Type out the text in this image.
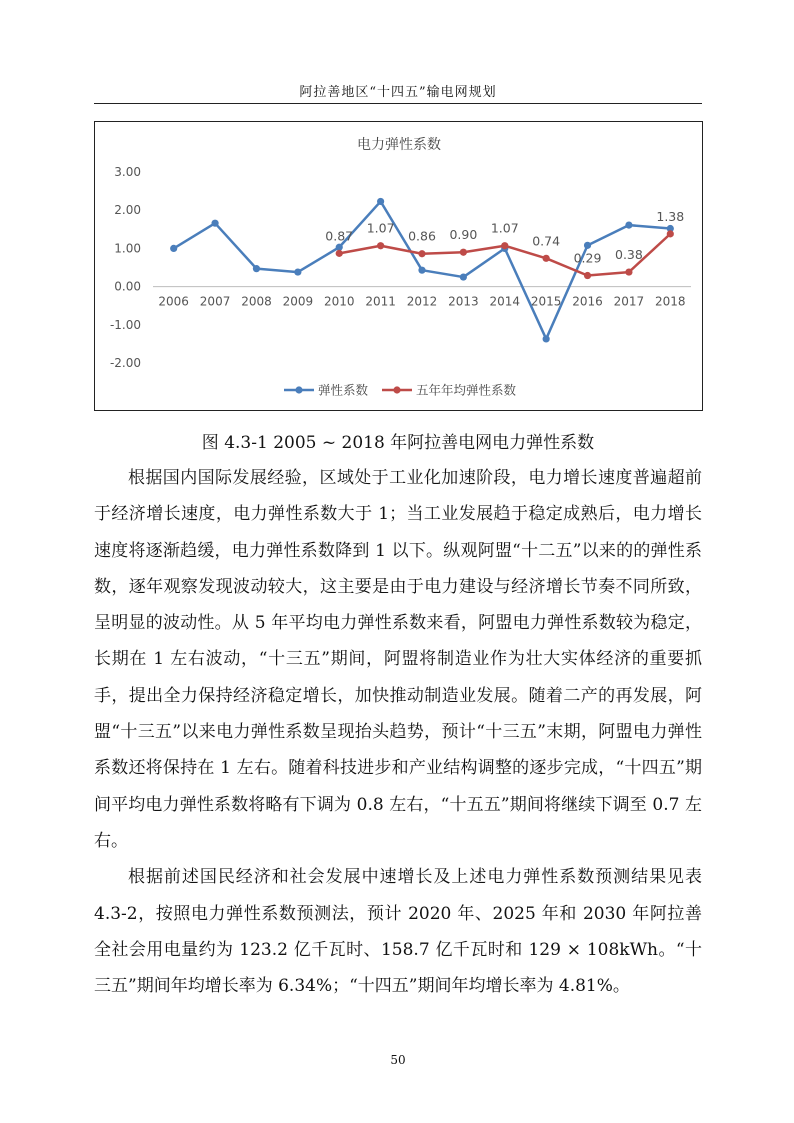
阿拉善地区“十四五”输电网规划
电力弹性系数
3.00
2.00
1.00
0.00
-1.00
-2.00
2006 2007 2008 2009 2010 2011 2012 2013 2014 2015 2016 2017 2018
0.87
1.07
0.86 0.90 1.07
0.74
0.29 0.38
1.38
弹性系数	五年年均弹性系数
图 4.3-1 2005 ~ 2018 年阿拉善电网电力弹性系数

根据国内国际发展经验，区域处于工业化加速阶段，电力增长速度普遍超前于经济增长速度，电力弹性系数大于 1；当工业发展趋于稳定成熟后，电力增长速度将逐渐趋缓，电力弹性系数降到 1 以下。纵观阿盟“十二五”以来的的弹性系数，逐年观察发现波动较大，这主要是由于电力建设与经济增长节奏不同所致，呈明显的波动性。从 5 年平均电力弹性系数来看，阿盟电力弹性系数较为稳定，长期在 1 左右波动，“十三五”期间，阿盟将制造业作为壮大实体经济的重要抓手，提出全力保持经济稳定增长，加快推动制造业发展。随着二产的再发展，阿盟“十三五”以来电力弹性系数呈现抬头趋势，预计“十三五”末期，阿盟电力弹性系数还将保持在 1 左右。随着科技进步和产业结构调整的逐步完成，“十四五”期间平均电力弹性系数将略有下调为 0.8 左右，“十五五”期间将继续下调至 0.7 左右。

根据前述国民经济和社会发展中速增长及上述电力弹性系数预测结果见表 4.3-2，按照电力弹性系数预测法，预计 2020 年、2025 年和 2030 年阿拉善全社会用电量约为 123.2 亿千瓦时、158.7 亿千瓦时和 129 × 108kWh。“十三五”期间年均增长率为 6.34%；“十四五”期间年均增长率为 4.81%。

50
